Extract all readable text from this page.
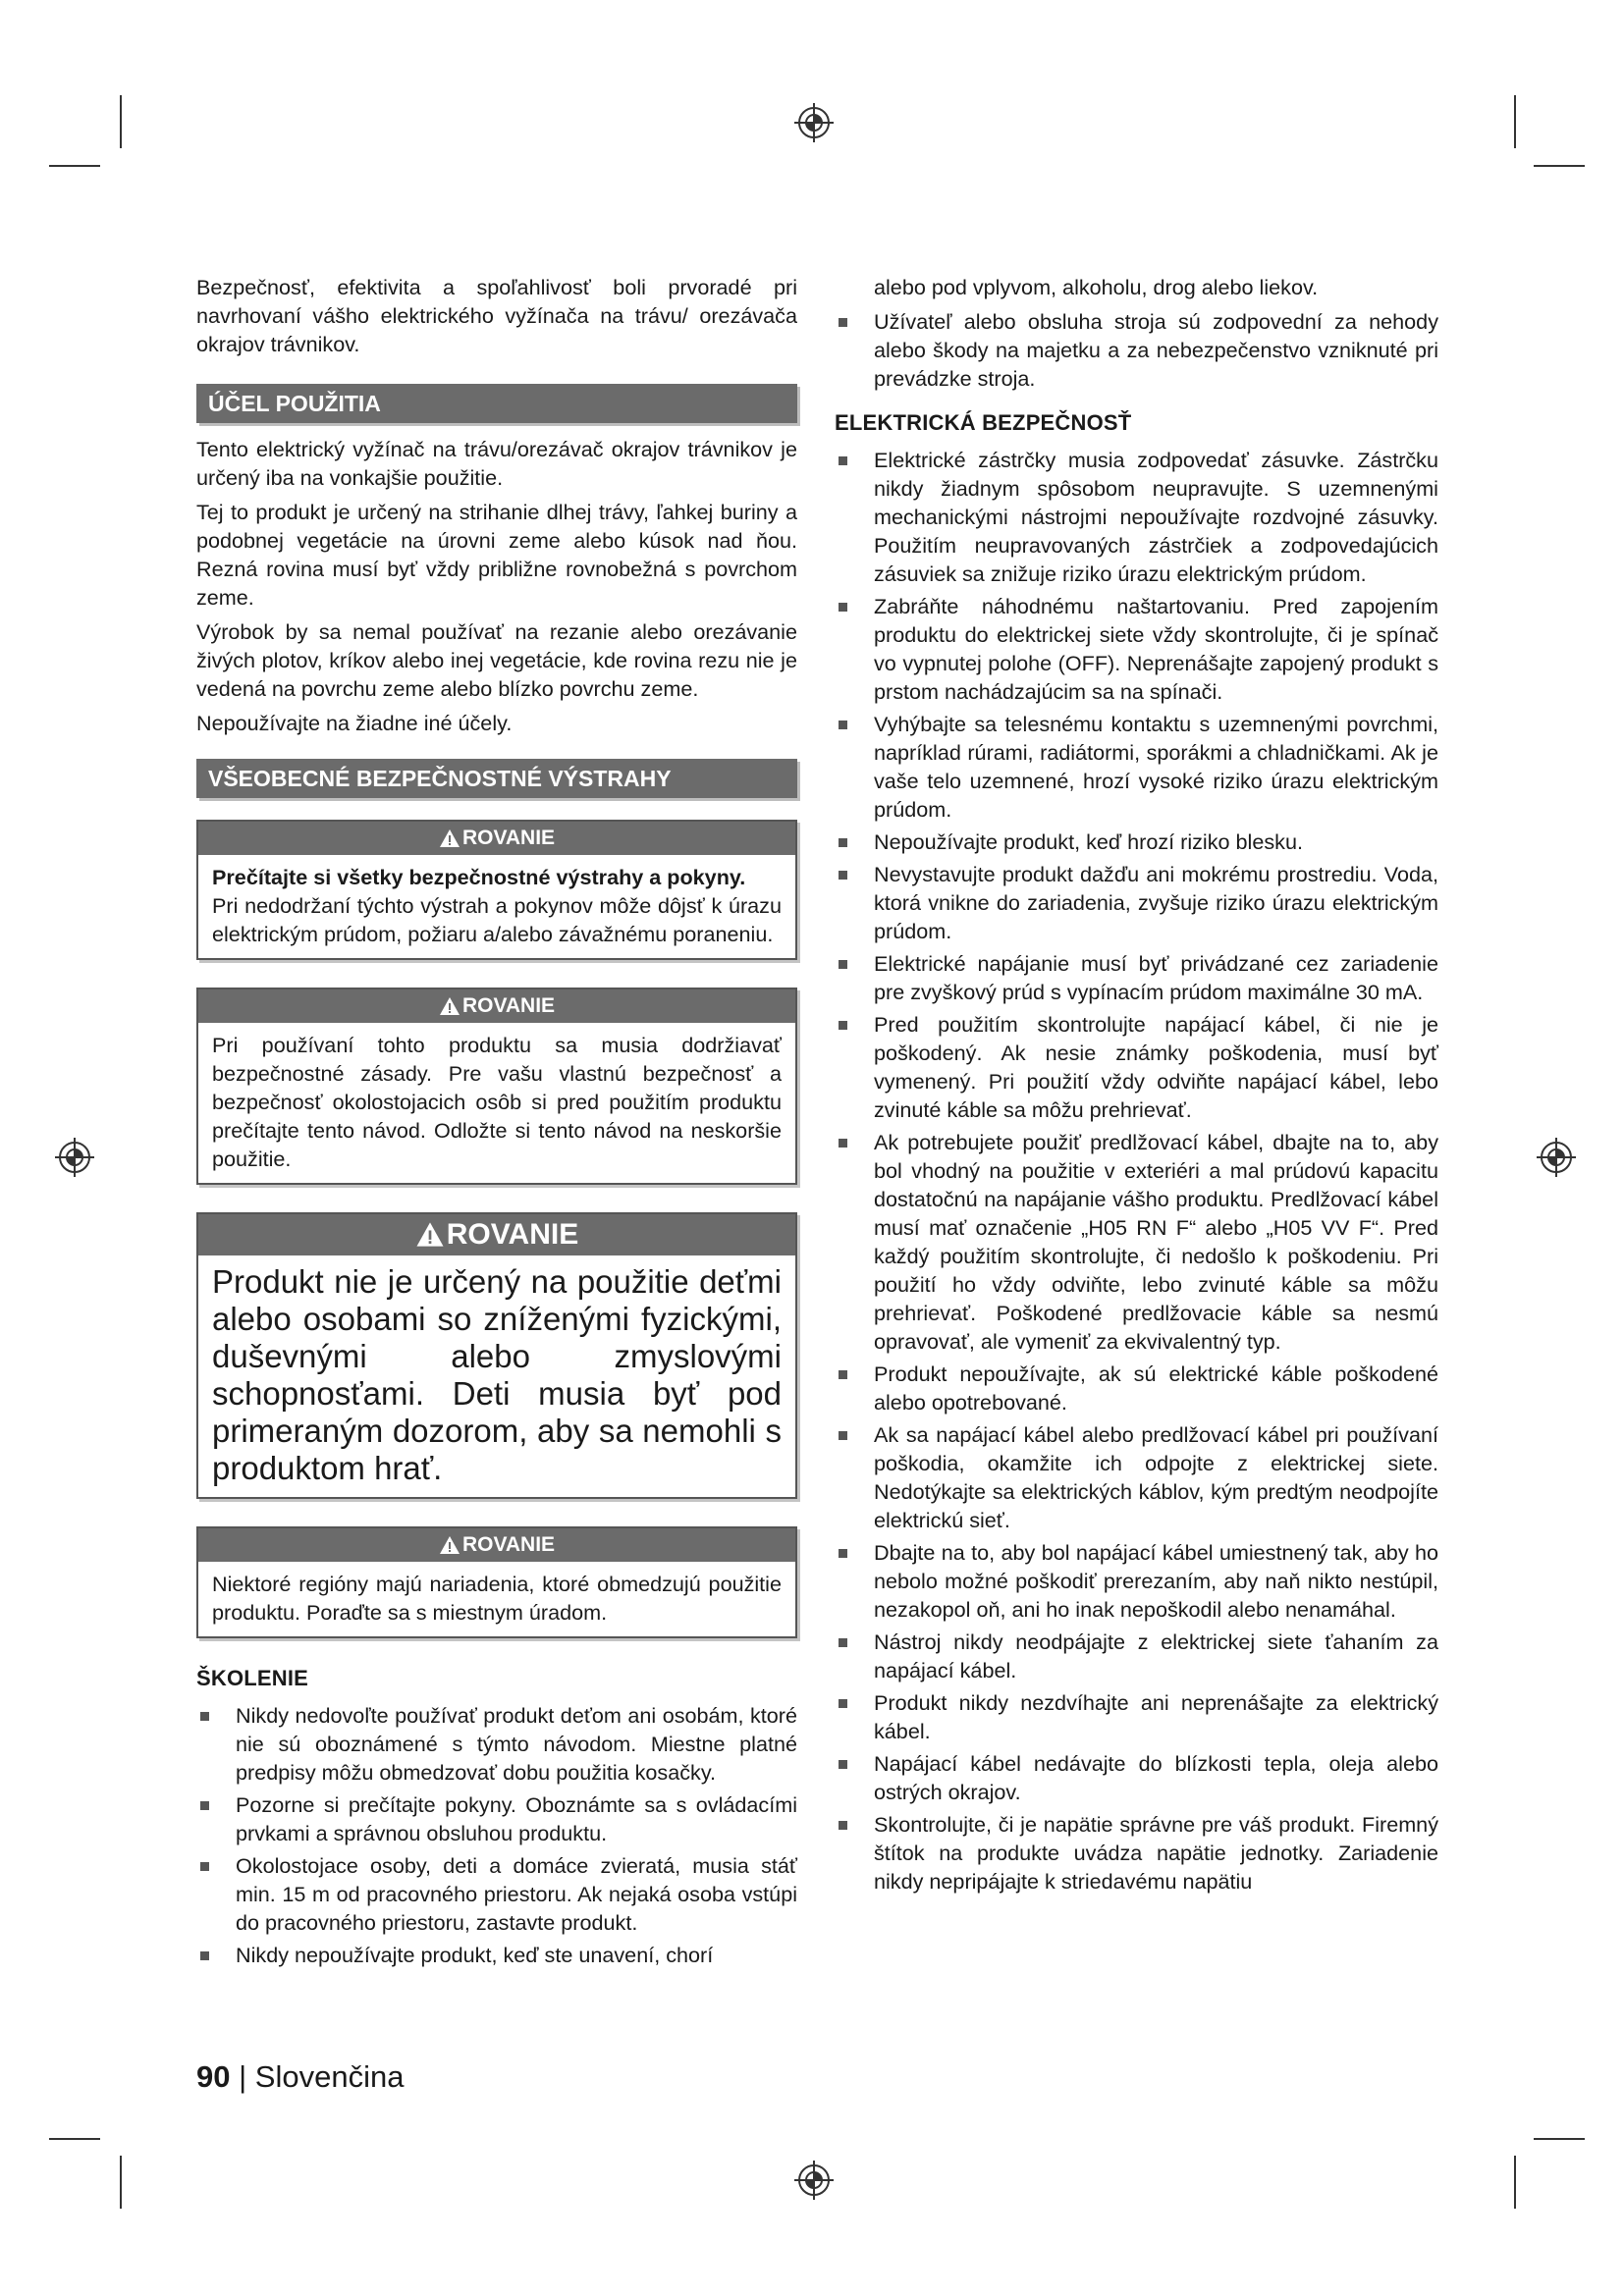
Bezpečnosť, efektivita a spoľahlivosť boli prvoradé pri navrhovaní vášho elektrického vyžínača na trávu/ orezávača okrajov trávnikov.

ÚČEL POUŽITIA

Tento elektrický vyžínač na trávu/orezávač okrajov trávnikov je určený iba na vonkajšie použitie.

Tej to produkt je určený na strihanie dlhej trávy, ľahkej buriny a podobnej vegetácie na úrovni zeme alebo kúsok nad ňou. Rezná rovina musí byť vždy približne rovnobežná s povrchom zeme.

Výrobok by sa nemal používať na rezanie alebo orezávanie živých plotov, kríkov alebo inej vegetácie, kde rovina rezu nie je vedená na povrchu zeme alebo blízko povrchu zeme.

Nepoužívajte na žiadne iné účely.

VŠEOBECNÉ BEZPEČNOSTNÉ VÝSTRAHY
ROVANIE

Prečítajte si všetky bezpečnostné výstrahy a pokyny.

Pri nedodržaní týchto výstrah a pokynov môže dôjsť k úrazu elektrickým prúdom, požiaru a/alebo závažnému poraneniu.

ROVANIE

Pri používaní tohto produktu sa musia dodržiavať bezpečnostné zásady. Pre vašu vlastnú bezpečnosť a bezpečnosť okolostojacich osôb si pred použitím produktu prečítajte tento návod. Odložte si tento návod na neskoršie použitie.

ROVANIE

Produkt nie je určený na použitie deťmi alebo osobami so zníženými fyzickými, duševnými alebo zmyslovými schopnosťami. Deti musia byť pod primeraným dozorom, aby sa nemohli s produktom hrať.

ROVANIE

Niektoré regióny majú nariadenia, ktoré obmedzujú použitie produktu. Poraďte sa s miestnym úradom.

ŠKOLENIE
Nikdy nedovoľte používať produkt deťom ani osobám, ktoré nie sú oboznámené s týmto návodom. Miestne platné predpisy môžu obmedzovať dobu použitia kosačky.
Pozorne si prečítajte pokyny. Oboznámte sa s ovládacími prvkami a správnou obsluhou produktu.
Okolostojace osoby, deti a domáce zvieratá, musia stáť min. 15 m od pracovného priestoru. Ak nejaká osoba vstúpi do pracovného priestoru, zastavte produkt.
Nikdy nepoužívajte produkt, keď ste unavení, chorí

alebo pod vplyvom, alkoholu, drog alebo liekov.

Užívateľ alebo obsluha stroja sú zodpovední za nehody alebo škody na majetku a za nebezpečenstvo vzniknuté pri prevádzke stroja.
ELEKTRICKÁ BEZPEČNOSŤ
Elektrické zástrčky musia zodpovedať zásuvke. Zástrčku nikdy žiadnym spôsobom neupravujte. S uzemnenými mechanickými nástrojmi nepoužívajte rozdvojné zásuvky. Použitím neupravovaných zástrčiek a zodpovedajúcich zásuviek sa znižuje riziko úrazu elektrickým prúdom.
Zabráňte náhodnému naštartovaniu. Pred zapojením produktu do elektrickej siete vždy skontrolujte, či je spínač vo vypnutej polohe (OFF). Neprenášajte zapojený produkt s prstom nachádzajúcim sa na spínači.
Vyhýbajte sa telesnému kontaktu s uzemnenými povrchmi, napríklad rúrami, radiátormi, sporákmi a chladničkami. Ak je vaše telo uzemnené, hrozí vysoké riziko úrazu elektrickým prúdom.
Nepoužívajte produkt, keď hrozí riziko blesku.
Nevystavujte produkt dažďu ani mokrému prostrediu. Voda, ktorá vnikne do zariadenia, zvyšuje riziko úrazu elektrickým prúdom.
Elektrické napájanie musí byť privádzané cez zariadenie pre zvyškový prúd s vypínacím prúdom maximálne 30 mA.
Pred použitím skontrolujte napájací kábel, či nie je poškodený. Ak nesie známky poškodenia, musí byť vymenený. Pri použití vždy odviňte napájací kábel, lebo zvinuté káble sa môžu prehrievať.
Ak potrebujete použiť predlžovací kábel, dbajte na to, aby bol vhodný na použitie v exteriéri a mal prúdovú kapacitu dostatočnú na napájanie vášho produktu. Predlžovací kábel musí mať označenie „H05 RN F“ alebo „H05 VV F“. Pred každý použitím skontrolujte, či nedošlo k poškodeniu. Pri použití ho vždy odviňte, lebo zvinuté káble sa môžu prehrievať. Poškodené predlžovacie káble sa nesmú opravovať, ale vymeniť za ekvivalentný typ.
Produkt nepoužívajte, ak sú elektrické káble poškodené alebo opotrebované.
Ak sa napájací kábel alebo predlžovací kábel pri používaní poškodia, okamžite ich odpojte z elektrickej siete. Nedotýkajte sa elektrických káblov, kým predtým neodpojíte elektrickú sieť.
Dbajte na to, aby bol napájací kábel umiestnený tak, aby ho nebolo možné poškodiť prerezaním, aby naň nikto nestúpil, nezakopol oň, ani ho inak nepoškodil alebo nenamáhal.
Nástroj nikdy neodpájajte z elektrickej siete ťahaním za napájací kábel.
Produkt nikdy nezdvíhajte ani neprenášajte za elektrický kábel.
Napájací kábel nedávajte do blízkosti tepla, oleja alebo ostrých okrajov.
Skontrolujte, či je napätie správne pre váš produkt. Firemný štítok na produkte uvádza napätie jednotky. Zariadenie nikdy nepripájajte k striedavému napätiu
90 | Slovenčina
